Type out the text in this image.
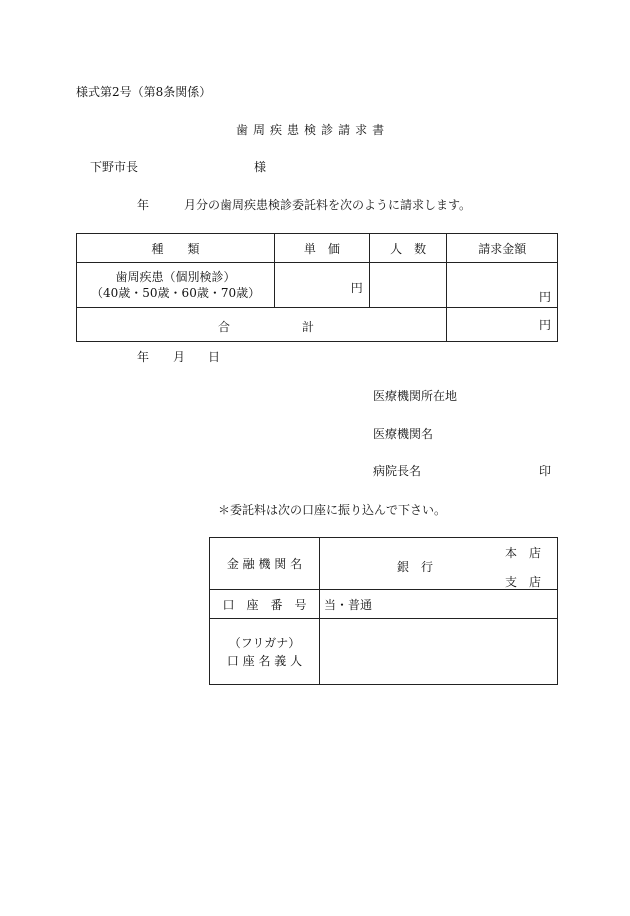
様式第2号（第8条関係）
歯 周 疾 患 検 診 請 求 書
下野市長	様
年	月分の歯周疾患検診委託料を次のように請求します。
種　　類	単　価	人　数	請求金額

歯周疾患（個別検診）
（40歳・50歳・60歳・70歳）	円		円

合 計			円
年 月 日
医療機関所在地
医療機関名
病院長名	印
＊委託料は次の口座に振り込んで下さい。
金 融 機 関 名	銀　行
本　店
支　店

口　座　番　号	当・普通

（フリガナ）
口 座 名 義 人	
